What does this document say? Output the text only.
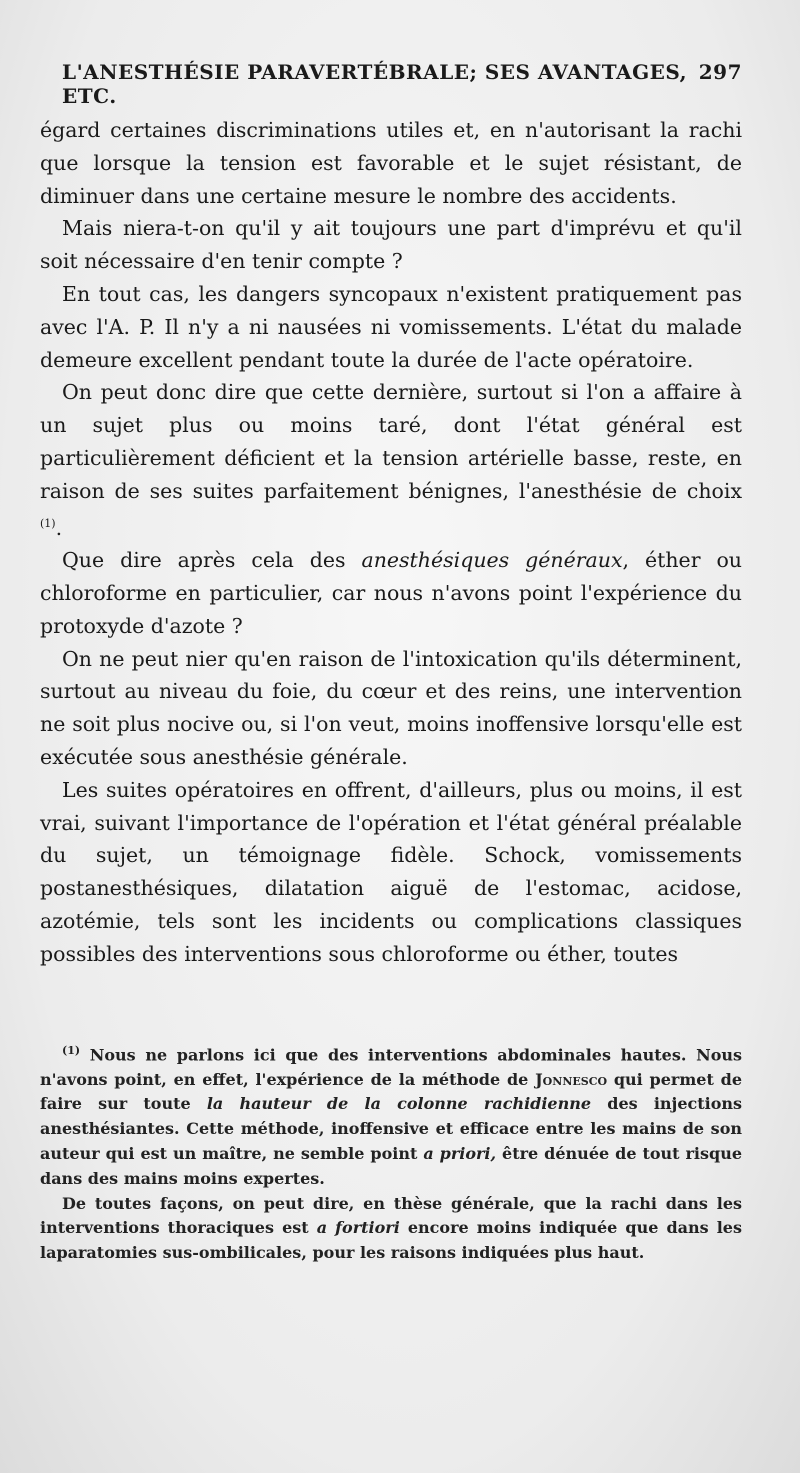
L'ANESTHÉSIE PARAVERTÉBRALE; SES AVANTAGES, ETC.
297

égard certaines discriminations utiles et, en n'autorisant la rachi que lorsque la tension est favorable et le sujet résistant, de diminuer dans une certaine mesure le nombre des accidents.

Mais niera-t-on qu'il y ait toujours une part d'imprévu et qu'il soit nécessaire d'en tenir compte ?

En tout cas, les dangers syncopaux n'existent pratiquement pas avec l'A. P. Il n'y a ni nausées ni vomissements. L'état du malade demeure excellent pendant toute la durée de l'acte opératoire.

On peut donc dire que cette dernière, surtout si l'on a affaire à un sujet plus ou moins taré, dont l'état général est particulièrement déficient et la tension artérielle basse, reste, en raison de ses suites parfaitement bénignes, l'anesthésie de choix $^{(1)}$.

Que dire après cela des anesthésiques généraux, éther ou chloroforme en particulier, car nous n'avons point l'expérience du protoxyde d'azote ?

On ne peut nier qu'en raison de l'intoxication qu'ils déterminent, surtout au niveau du foie, du cœur et des reins, une intervention ne soit plus nocive ou, si l'on veut, moins inoffensive lorsqu'elle est exécutée sous anesthésie générale.

Les suites opératoires en offrent, d'ailleurs, plus ou moins, il est vrai, suivant l'importance de l'opération et l'état général préalable du sujet, un témoignage fidèle. Schock, vomissements postanesthésiques, dilatation aiguë de l'estomac, acidose, azotémie, tels sont les incidents ou complications classiques possibles des interventions sous chloroforme ou éther, toutes

$^{(1)}$ Nous ne parlons ici que des interventions abdominales hautes. Nous n'avons point, en effet, l'expérience de la méthode de Jonnesco qui permet de faire sur toute la hauteur de la colonne rachidienne des injections anesthésiantes. Cette méthode, inoffensive et efficace entre les mains de son auteur qui est un maître, ne semble point a priori, être dénuée de tout risque dans des mains moins expertes.

De toutes façons, on peut dire, en thèse générale, que la rachi dans les interventions thoraciques est a fortiori encore moins indiquée que dans les laparatomies sus-ombilicales, pour les raisons indiquées plus haut.
